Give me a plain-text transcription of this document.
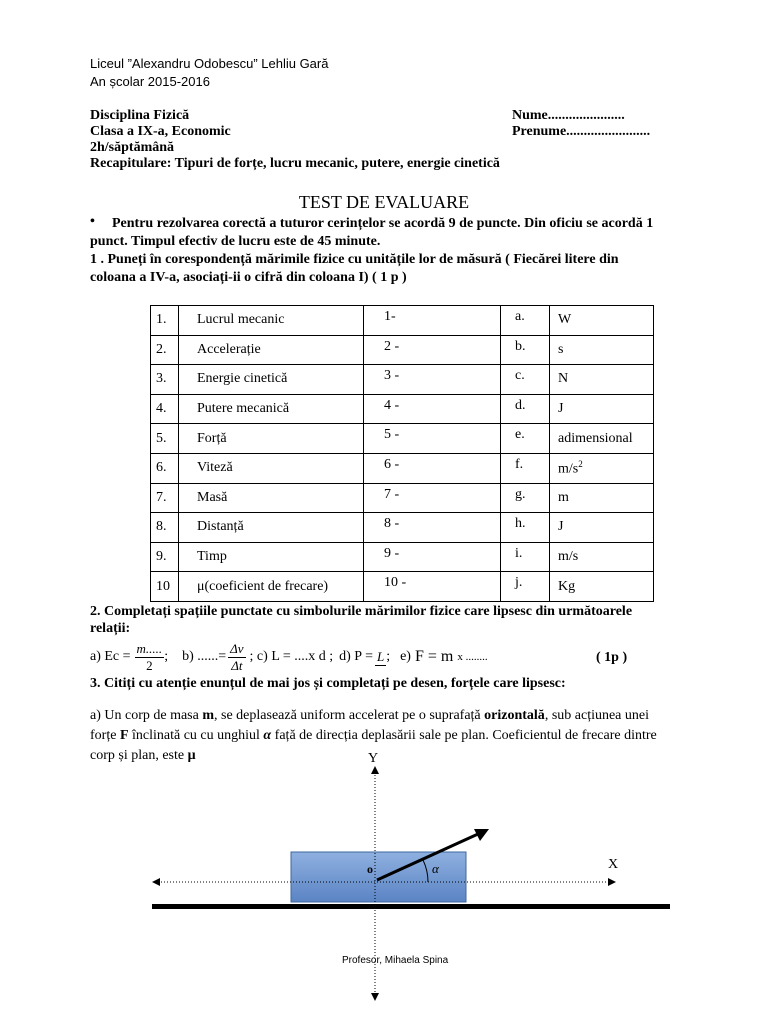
Liceul ”Alexandru Odobescu” Lehliu Gară
An școlar 2015-2016
Disciplina Fizică
Clasa a IX-a, Economic
2h/săptămână
Recapitulare: Tipuri de forțe, lucru mecanic, putere, energie cinetică
Nume......................
Prenume........................
TEST DE EVALUARE
• Pentru rezolvarea corectă a tuturor cerințelor se acordă 9 de puncte. Din oficiu se acordă 1
punct. Timpul efectiv de lucru este de 45 minute.
1 . Puneți în corespondență mărimile fizice cu unitățile lor de măsură ( Fiecărei litere din
coloana a IV-a, asociați-ii o cifră din coloana I) ( 1 p )
1.	Lucrul mecanic	1-	a.	W
2.	Accelerație	2 -	b.	s
3.	Energie cinetică	3 -	c.	N
4.	Putere mecanică	4 -	d.	J
5.	Forță	5 -	e.	adimensional
6.	Viteză	6 -	f.	$m/s^2$
7.	Masă	7 -	g.	m
8.	Distanță	8 -	h.	J
9.	Timp	9 -	i.	m/s
10	μ(coeficient de frecare)	10 -	j.	Kg
2. Completați spațiile punctate cu simbolurile mărimilor fizice care lipsesc din următoarele
relații:
a) $Ec = \frac{m.....}{2}$ ; b) ......= $\frac{\Delta v}{\Delta t}$ ; c) L = ....x d ; d) P = L ; e) F = m x ........	( 1p )
3. Citiți cu atenție enunțul de mai jos și completați pe desen, forțele care lipsesc:
a) Un corp de masa m, se deplasează uniform accelerat pe o suprafață orizontală, sub acțiunea unei
forțe F înclinată cu cu unghiul α față de direcția deplasării sale pe plan. Coeficientul de frecare dintre
corp și plan, este μ	Y
X
o	α
Profesor, Mihaela Spina
